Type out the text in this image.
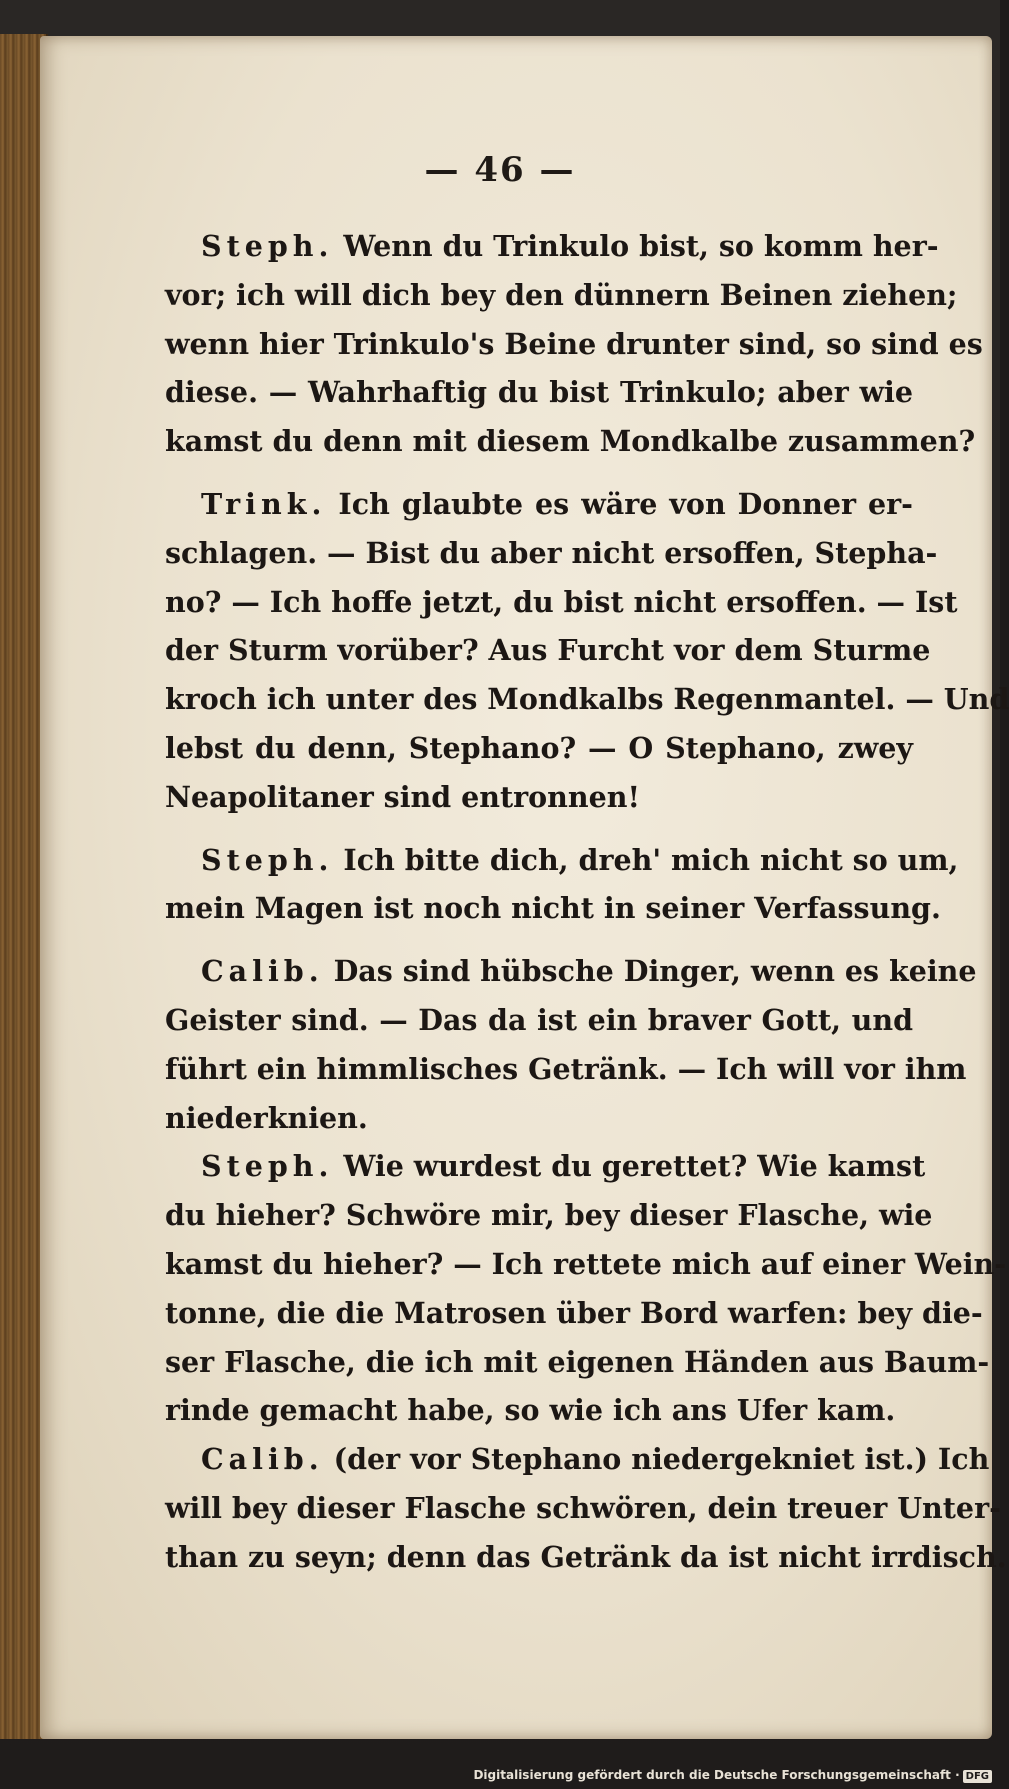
— 46 —
Steph. Wenn du Trinkulo bist, so komm her-
vor; ich will dich bey den dünnern Beinen ziehen;
wenn hier Trinkulo's Beine drunter sind, so sind es
diese. — Wahrhaftig du bist Trinkulo; aber wie
kamst du denn mit diesem Mondkalbe zusammen?
Trink. Ich glaubte es wäre von Donner er-
schlagen. — Bist du aber nicht ersoffen, Stepha-
no? — Ich hoffe jetzt, du bist nicht ersoffen. — Ist
der Sturm vorüber? Aus Furcht vor dem Sturme
kroch ich unter des Mondkalbs Regenmantel. — Und
lebst du denn, Stephano? — O Stephano, zwey
Neapolitaner sind entronnen!
Steph. Ich bitte dich, dreh' mich nicht so um,
mein Magen ist noch nicht in seiner Verfassung.
Calib. Das sind hübsche Dinger, wenn es keine
Geister sind. — Das da ist ein braver Gott, und
führt ein himmlisches Getränk. — Ich will vor ihm
niederknien.
Steph. Wie wurdest du gerettet? Wie kamst
du hieher? Schwöre mir, bey dieser Flasche, wie
kamst du hieher? — Ich rettete mich auf einer Wein-
tonne, die die Matrosen über Bord warfen: bey die-
ser Flasche, die ich mit eigenen Händen aus Baum-
rinde gemacht habe, so wie ich ans Ufer kam.
Calib. (der vor Stephano niedergekniet ist.) Ich
will bey dieser Flasche schwören, dein treuer Unter-
than zu seyn; denn das Getränk da ist nicht irrdisch.
Digitalisierung gefördert durch die Deutsche Forschungsgemeinschaft · DFG
